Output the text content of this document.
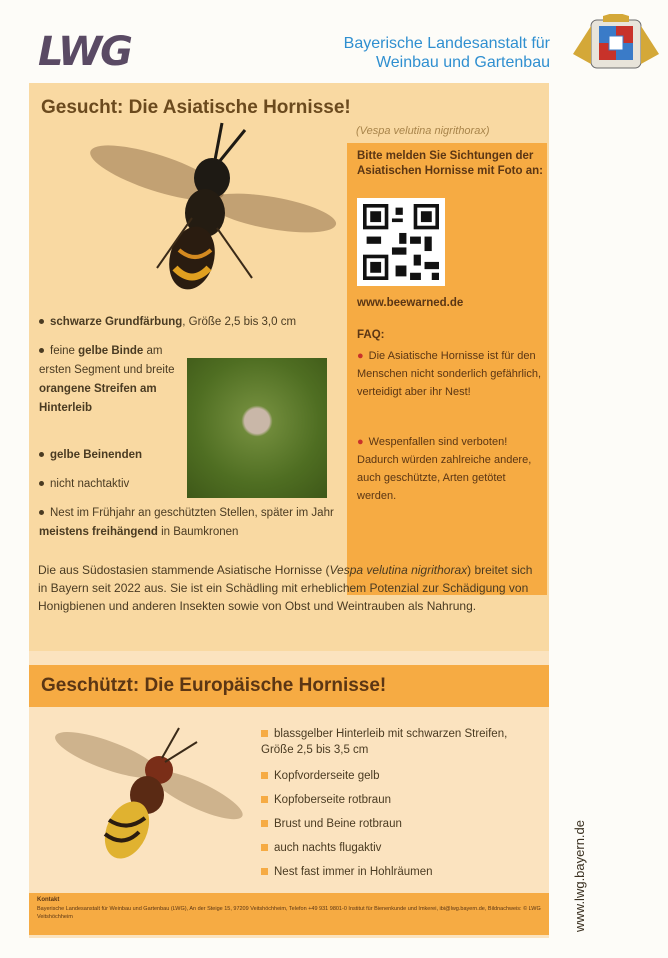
LWG	Bayerische Landesanstalt für
Weinbau und Gartenbau
Gesucht: Die Asiatische Hornisse!
(Vespa velutina nigrithorax)
schwarze Grundfärbung, Größe 2,5 bis 3,0 cm
feine gelbe Binde am ersten Segment und breite orangene Streifen am Hinterleib
gelbe Beinenden
nicht nachtaktiv
Nest im Frühjahr an geschützten Stellen, später im Jahr meistens freihängend in Baumkronen
Bitte melden Sie Sichtungen der Asiatischen Hornisse mit Foto an:
www.beewarned.de
FAQ:
● Die Asiatische Hornisse ist für den Menschen nicht sonderlich gefährlich, verteidigt aber ihr Nest!
● Wespenfallen sind verboten! Dadurch würden zahlreiche andere, auch geschützte, Arten getötet werden.
Die aus Südostasien stammende Asiatische Hornisse (Vespa velutina nigrithorax) breitet sich in Bayern seit 2022 aus. Sie ist ein Schädling mit erheblichem Potenzial zur Schädigung von Honigbienen und anderen Insekten sowie von Obst und Weintrauben als Nahrung.
Geschützt: Die Europäische Hornisse!
blassgelber Hinterleib mit schwarzen Streifen, Größe 2,5 bis 3,5 cm
Kopfvorderseite gelb
Kopfoberseite rotbraun
Brust und Beine rotbraun
auch nachts flugaktiv
Nest fast immer in Hohlräumen
Kontakt
Bayerische Landesanstalt für Weinbau und Gartenbau (LWG), An der Steige 15, 97209 Veitshöchheim, Telefon +49 931 9801-0 Institut für Bienenkunde und Imkerei, ibi@lwg.bayern.de, Bildnachweis: © LWG Veitshöchheim	www.lwg.bayern.de
